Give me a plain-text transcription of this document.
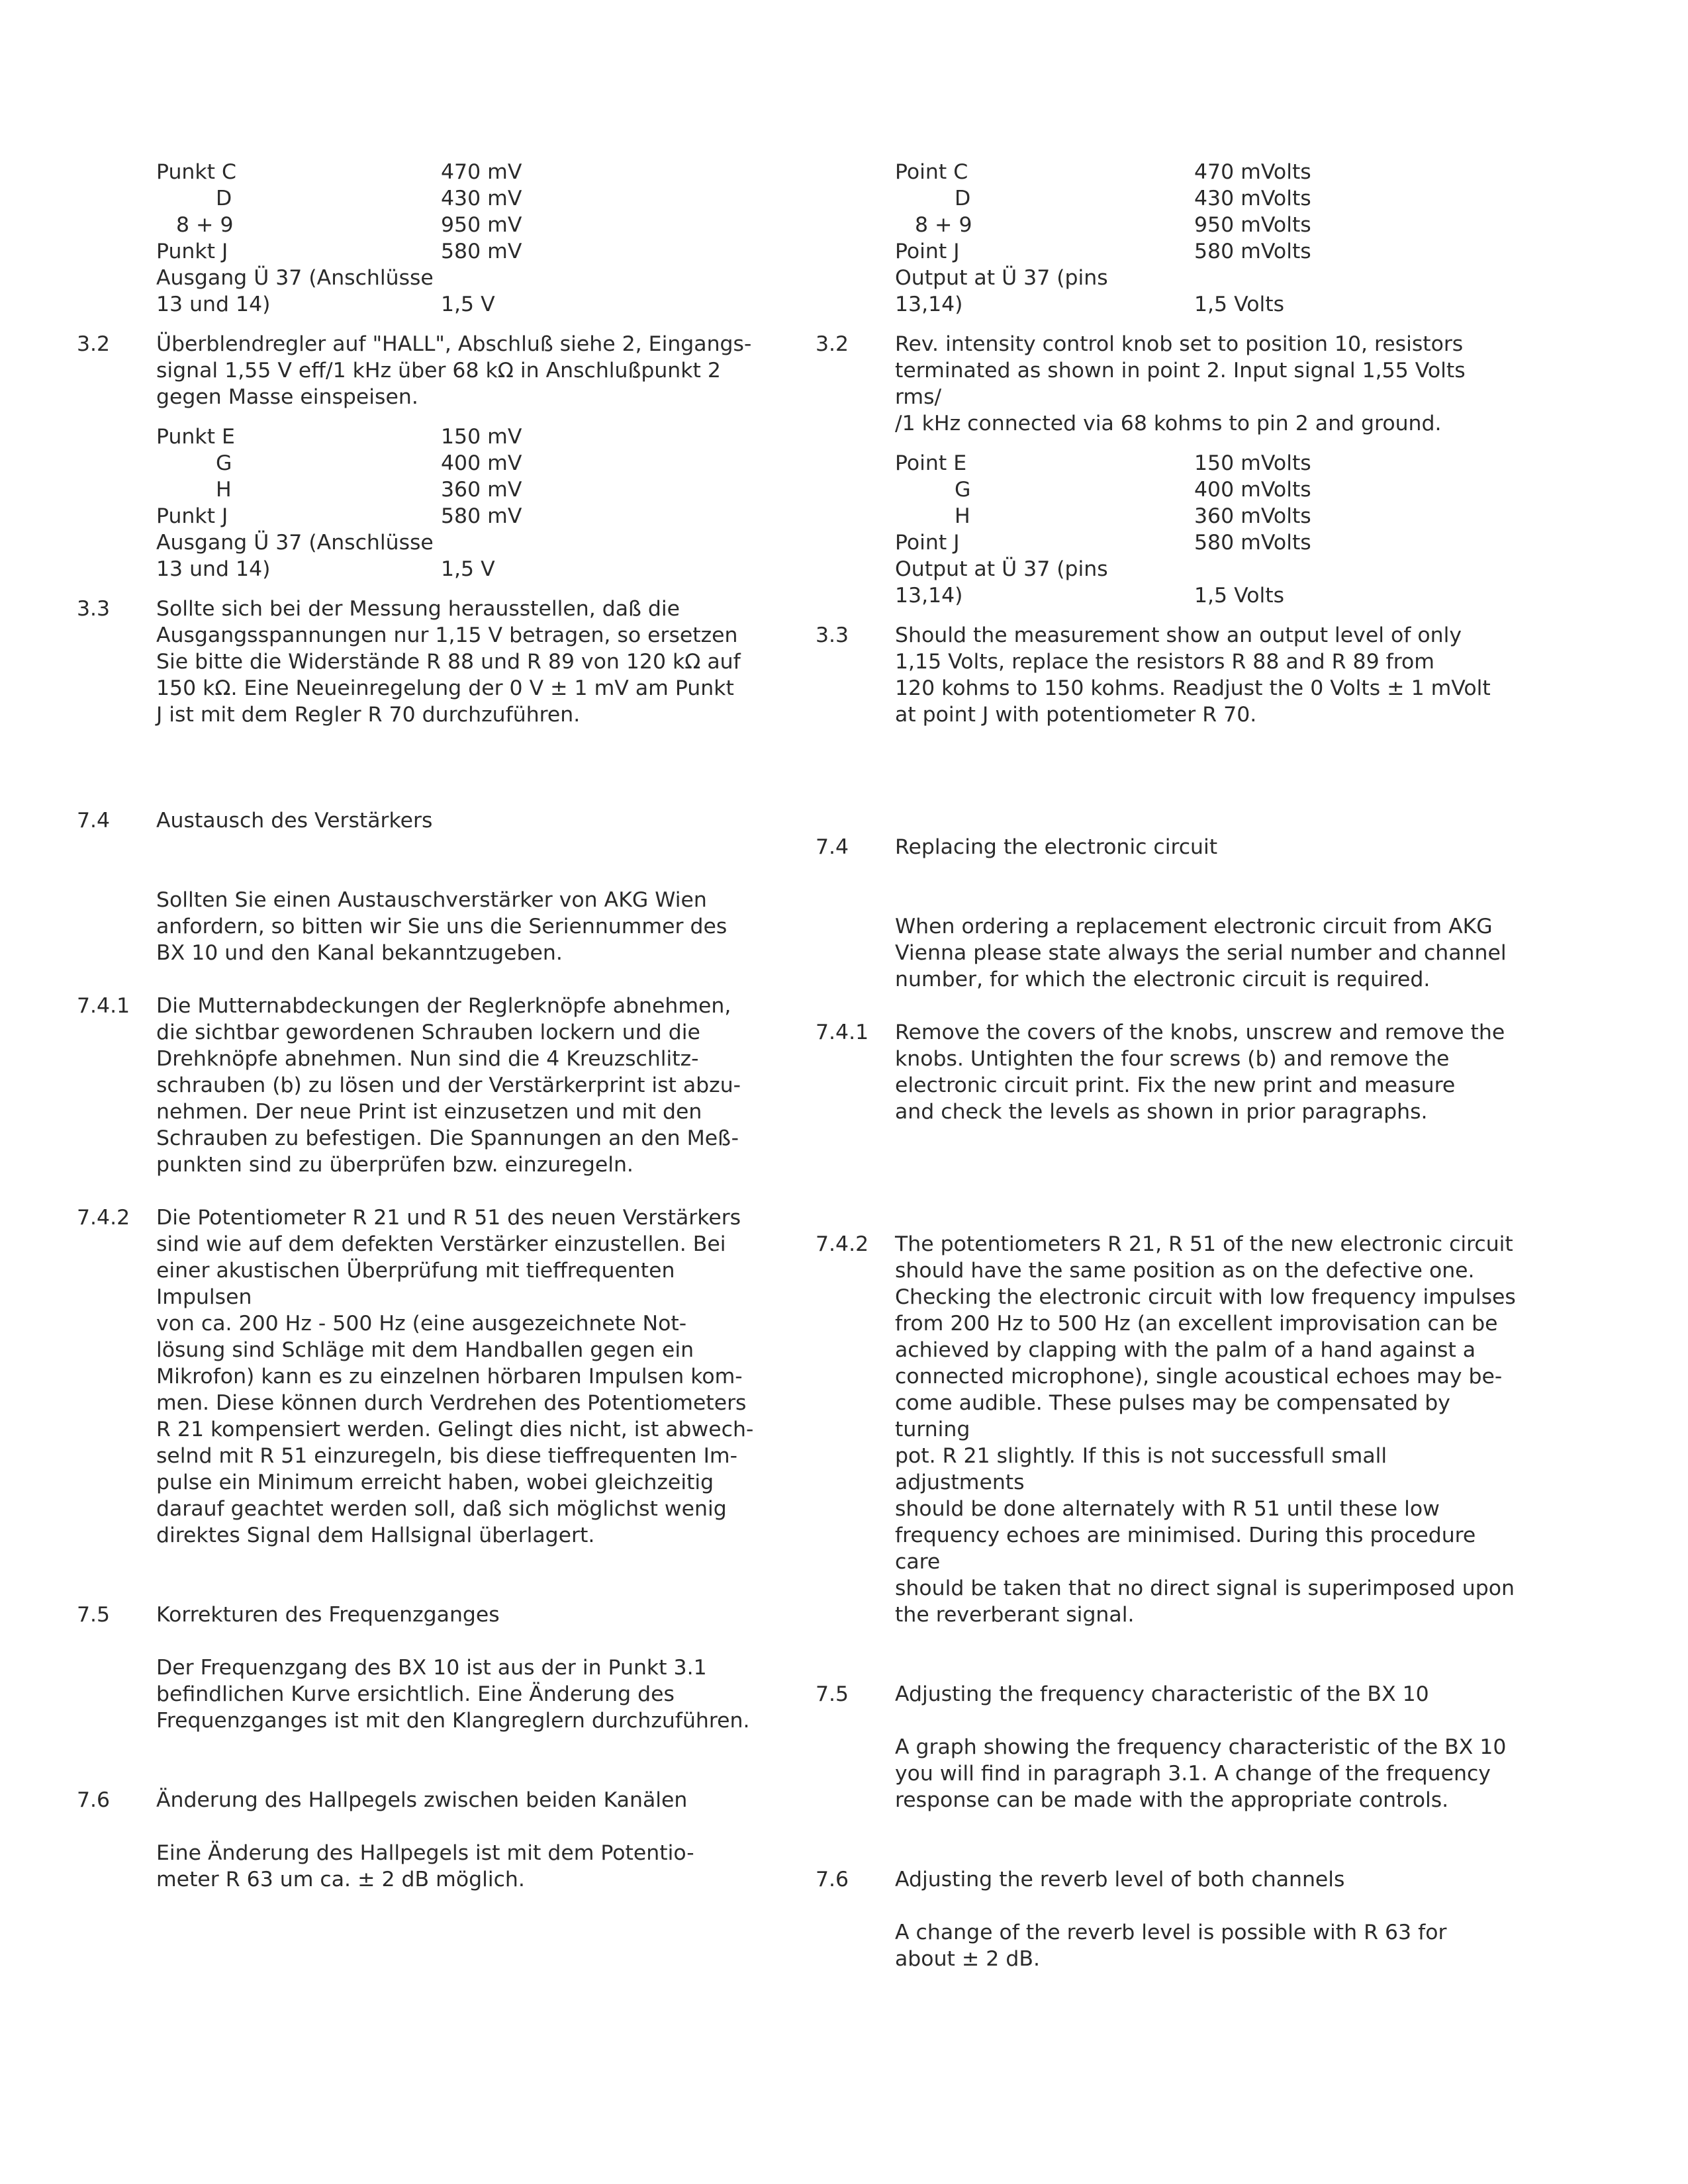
Punkt C	470 mV
D	430 mV
8 + 9	950 mV
Punkt J	580 mV
Ausgang Ü 37 (Anschlüsse
13 und 14)	1,5 V
3.2 Überblendregler auf "HALL", Abschluß siehe 2, Eingangs-
signal 1,55 V eff/1 kHz über 68 kΩ in Anschlußpunkt 2
gegen Masse einspeisen.

Punkt E	150 mV
G	400 mV
H	360 mV
Punkt J	580 mV
Ausgang Ü 37 (Anschlüsse
13 und 14)	1,5 V
3.3 Sollte sich bei der Messung herausstellen, daß die
Ausgangsspannungen nur 1,15 V betragen, so ersetzen
Sie bitte die Widerstände R 88 und R 89 von 120 kΩ auf
150 kΩ. Eine Neueinregelung der 0 V ± 1 mV am Punkt
J ist mit dem Regler R 70 durchzuführen.

7.4 Austausch des Verstärkers

Sollten Sie einen Austauschverstärker von AKG Wien
anfordern, so bitten wir Sie uns die Seriennummer des
BX 10 und den Kanal bekanntzugeben.

7.4.1 Die Mutternabdeckungen der Reglerknöpfe abnehmen,
die sichtbar gewordenen Schrauben lockern und die
Drehknöpfe abnehmen. Nun sind die 4 Kreuzschlitz-
schrauben (b) zu lösen und der Verstärkerprint ist abzu-
nehmen. Der neue Print ist einzusetzen und mit den
Schrauben zu befestigen. Die Spannungen an den Meß-
punkten sind zu überprüfen bzw. einzuregeln.

7.4.2 Die Potentiometer R 21 und R 51 des neuen Verstärkers
sind wie auf dem defekten Verstärker einzustellen. Bei
einer akustischen Überprüfung mit tieffrequenten Impulsen
von ca. 200 Hz - 500 Hz (eine ausgezeichnete Not-
lösung sind Schläge mit dem Handballen gegen ein
Mikrofon) kann es zu einzelnen hörbaren Impulsen kom-
men. Diese können durch Verdrehen des Potentiometers
R 21 kompensiert werden. Gelingt dies nicht, ist abwech-
selnd mit R 51 einzuregeln, bis diese tieffrequenten Im-
pulse ein Minimum erreicht haben, wobei gleichzeitig
darauf geachtet werden soll, daß sich möglichst wenig
direktes Signal dem Hallsignal überlagert.

7.5 Korrekturen des Frequenzganges

Der Frequenzgang des BX 10 ist aus der in Punkt 3.1
befindlichen Kurve ersichtlich. Eine Änderung des
Frequenzganges ist mit den Klangreglern durchzuführen.

7.6 Änderung des Hallpegels zwischen beiden Kanälen

Eine Änderung des Hallpegels ist mit dem Potentio-
meter R 63 um ca. ± 2 dB möglich.

Point C	470 mVolts
D	430 mVolts
8 + 9	950 mVolts
Point J	580 mVolts
Output at Ü 37 (pins
13,14)	1,5 Volts
3.2 Rev. intensity control knob set to position 10, resistors
terminated as shown in point 2. Input signal 1,55 Volts rms/
/1 kHz connected via 68 kohms to pin 2 and ground.

Point E	150 mVolts
G	400 mVolts
H	360 mVolts
Point J	580 mVolts
Output at Ü 37 (pins
13,14)	1,5 Volts
3.3 Should the measurement show an output level of only
1,15 Volts, replace the resistors R 88 and R 89 from
120 kohms to 150 kohms. Readjust the 0 Volts ± 1 mVolt
at point J with potentiometer R 70.

7.4 Replacing the electronic circuit

When ordering a replacement electronic circuit from AKG
Vienna please state always the serial number and channel
number, for which the electronic circuit is required.

7.4.1 Remove the covers of the knobs, unscrew and remove the
knobs. Untighten the four screws (b) and remove the
electronic circuit print. Fix the new print and measure
and check the levels as shown in prior paragraphs.

7.4.2 The potentiometers R 21, R 51 of the new electronic circuit
should have the same position as on the defective one.
Checking the electronic circuit with low frequency impulses
from 200 Hz to 500 Hz (an excellent improvisation can be
achieved by clapping with the palm of a hand against a
connected microphone), single acoustical echoes may be-
come audible. These pulses may be compensated by turning
pot. R 21 slightly. If this is not successfull small adjustments
should be done alternately with R 51 until these low
frequency echoes are minimised. During this procedure care
should be taken that no direct signal is superimposed upon
the reverberant signal.

7.5 Adjusting the frequency characteristic of the BX 10

A graph showing the frequency characteristic of the BX 10
you will find in paragraph 3.1. A change of the frequency
response can be made with the appropriate controls.

7.6 Adjusting the reverb level of both channels

A change of the reverb level is possible with R 63 for
about ± 2 dB.
